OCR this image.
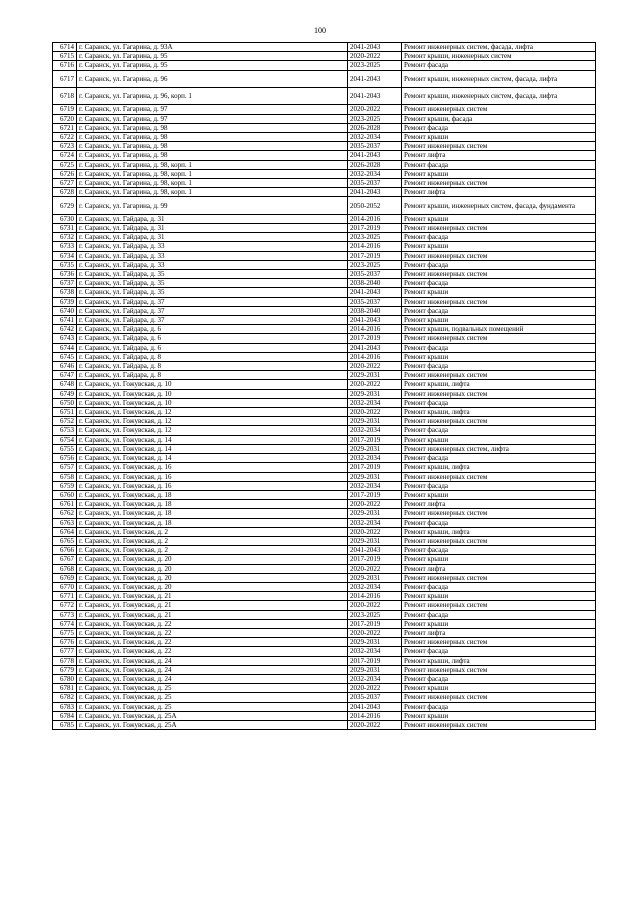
100
6714	г. Саранск, ул. Гагарина, д. 93А	2041-2043	Ремонт инженерных систем, фасада, лифта
6715	г. Саранск, ул. Гагарина, д. 95	2020-2022	Ремонт крыши, инженерных систем
6716	г. Саранск, ул. Гагарина, д. 95	2023-2025	Ремонт фасада
6717	г. Саранск, ул. Гагарина, д. 96	2041-2043	Ремонт крыши, инженерных систем, фасада, лифта
6718	г. Саранск, ул. Гагарина, д. 96, корп. 1	2041-2043	Ремонт крыши, инженерных систем, фасада, лифта
6719	г. Саранск, ул. Гагарина, д. 97	2020-2022	Ремонт инженерных систем
6720	г. Саранск, ул. Гагарина, д. 97	2023-2025	Ремонт крыши, фасада
6721	г. Саранск, ул. Гагарина, д. 98	2026-2028	Ремонт фасада
6722	г. Саранск, ул. Гагарина, д. 98	2032-2034	Ремонт крыши
6723	г. Саранск, ул. Гагарина, д. 98	2035-2037	Ремонт инженерных систем
6724	г. Саранск, ул. Гагарина, д. 98	2041-2043	Ремонт лифта
6725	г. Саранск, ул. Гагарина, д. 98, корп. 1	2026-2028	Ремонт фасада
6726	г. Саранск, ул. Гагарина, д. 98, корп. 1	2032-2034	Ремонт крыши
6727	г. Саранск, ул. Гагарина, д. 98, корп. 1	2035-2037	Ремонт инженерных систем
6728	г. Саранск, ул. Гагарина, д. 98, корп. 1	2041-2043	Ремонт лифта
6729	г. Саранск, ул. Гагарина, д. 99	2050-2052	Ремонт крыши, инженерных систем, фасада, фундамента
6730	г. Саранск, ул. Гайдара, д. 31	2014-2016	Ремонт крыши
6731	г. Саранск, ул. Гайдара, д. 31	2017-2019	Ремонт инженерных систем
6732	г. Саранск, ул. Гайдара, д. 31	2023-2025	Ремонт фасада
6733	г. Саранск, ул. Гайдара, д. 33	2014-2016	Ремонт крыши
6734	г. Саранск, ул. Гайдара, д. 33	2017-2019	Ремонт инженерных систем
6735	г. Саранск, ул. Гайдара, д. 33	2023-2025	Ремонт фасада
6736	г. Саранск, ул. Гайдара, д. 35	2035-2037	Ремонт инженерных систем
6737	г. Саранск, ул. Гайдара, д. 35	2038-2040	Ремонт фасада
6738	г. Саранск, ул. Гайдара, д. 35	2041-2043	Ремонт крыши
6739	г. Саранск, ул. Гайдара, д. 37	2035-2037	Ремонт инженерных систем
6740	г. Саранск, ул. Гайдара, д. 37	2038-2040	Ремонт фасада
6741	г. Саранск, ул. Гайдара, д. 37	2041-2043	Ремонт крыши
6742	г. Саранск, ул. Гайдара, д. 6	2014-2016	Ремонт крыши, подвальных помещений
6743	г. Саранск, ул. Гайдара, д. 6	2017-2019	Ремонт инженерных систем
6744	г. Саранск, ул. Гайдара, д. 6	2041-2043	Ремонт фасада
6745	г. Саранск, ул. Гайдара, д. 8	2014-2016	Ремонт крыши
6746	г. Саранск, ул. Гайдара, д. 8	2020-2022	Ремонт фасада
6747	г. Саранск, ул. Гайдара, д. 8	2029-2031	Ремонт инженерных систем
6748	г. Саранск, ул. Гожувская, д. 10	2020-2022	Ремонт крыши, лифта
6749	г. Саранск, ул. Гожувская, д. 10	2029-2031	Ремонт инженерных систем
6750	г. Саранск, ул. Гожувская, д. 10	2032-2034	Ремонт фасада
6751	г. Саранск, ул. Гожувская, д. 12	2020-2022	Ремонт крыши, лифта
6752	г. Саранск, ул. Гожувская, д. 12	2029-2031	Ремонт инженерных систем
6753	г. Саранск, ул. Гожувская, д. 12	2032-2034	Ремонт фасада
6754	г. Саранск, ул. Гожувская, д. 14	2017-2019	Ремонт крыши
6755	г. Саранск, ул. Гожувская, д. 14	2029-2031	Ремонт инженерных систем, лифта
6756	г. Саранск, ул. Гожувская, д. 14	2032-2034	Ремонт фасада
6757	г. Саранск, ул. Гожувская, д. 16	2017-2019	Ремонт крыши, лифта
6758	г. Саранск, ул. Гожувская, д. 16	2029-2031	Ремонт инженерных систем
6759	г. Саранск, ул. Гожувская, д. 16	2032-2034	Ремонт фасада
6760	г. Саранск, ул. Гожувская, д. 18	2017-2019	Ремонт крыши
6761	г. Саранск, ул. Гожувская, д. 18	2020-2022	Ремонт лифта
6762	г. Саранск, ул. Гожувская, д. 18	2029-2031	Ремонт инженерных систем
6763	г. Саранск, ул. Гожувская, д. 18	2032-2034	Ремонт фасада
6764	г. Саранск, ул. Гожувская, д. 2	2020-2022	Ремонт крыши, лифта
6765	г. Саранск, ул. Гожувская, д. 2	2029-2031	Ремонт инженерных систем
6766	г. Саранск, ул. Гожувская, д. 2	2041-2043	Ремонт фасада
6767	г. Саранск, ул. Гожувская, д. 20	2017-2019	Ремонт крыши
6768	г. Саранск, ул. Гожувская, д. 20	2020-2022	Ремонт лифта
6769	г. Саранск, ул. Гожувская, д. 20	2029-2031	Ремонт инженерных систем
6770	г. Саранск, ул. Гожувская, д. 20	2032-2034	Ремонт фасада
6771	г. Саранск, ул. Гожувская, д. 21	2014-2016	Ремонт крыши
6772	г. Саранск, ул. Гожувская, д. 21	2020-2022	Ремонт инженерных систем
6773	г. Саранск, ул. Гожувская, д. 21	2023-2025	Ремонт фасада
6774	г. Саранск, ул. Гожувская, д. 22	2017-2019	Ремонт крыши
6775	г. Саранск, ул. Гожувская, д. 22	2020-2022	Ремонт лифта
6776	г. Саранск, ул. Гожувская, д. 22	2029-2031	Ремонт инженерных систем
6777	г. Саранск, ул. Гожувская, д. 22	2032-2034	Ремонт фасада
6778	г. Саранск, ул. Гожувская, д. 24	2017-2019	Ремонт крыши, лифта
6779	г. Саранск, ул. Гожувская, д. 24	2029-2031	Ремонт инженерных систем
6780	г. Саранск, ул. Гожувская, д. 24	2032-2034	Ремонт фасада
6781	г. Саранск, ул. Гожувская, д. 25	2020-2022	Ремонт крыши
6782	г. Саранск, ул. Гожувская, д. 25	2035-2037	Ремонт инженерных систем
6783	г. Саранск, ул. Гожувская, д. 25	2041-2043	Ремонт фасада
6784	г. Саранск, ул. Гожувская, д. 25А	2014-2016	Ремонт крыши
6785	г. Саранск, ул. Гожувская, д. 25А	2020-2022	Ремонт инженерных систем
